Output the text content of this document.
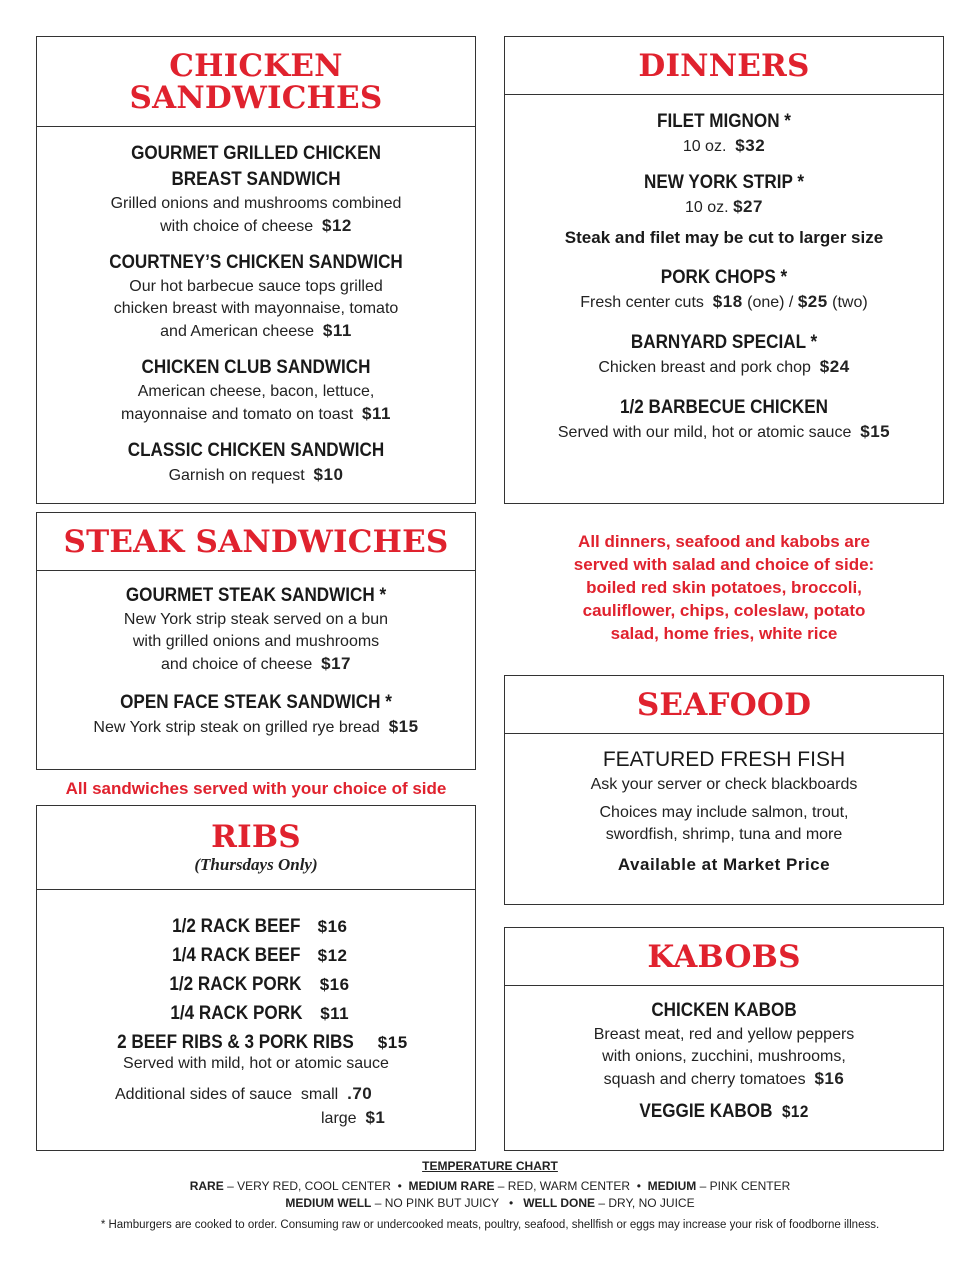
CHICKEN
SANDWICHES
GOURMET GRILLED CHICKEN
BREAST SANDWICH
Grilled onions and mushrooms combined
with choice of cheese $12
COURTNEY’S CHICKEN SANDWICH
Our hot barbecue sauce tops grilled
chicken breast with mayonnaise, tomato
and American cheese $11
CHICKEN CLUB SANDWICH
American cheese, bacon, lettuce,
mayonnaise and tomato on toast $11
CLASSIC CHICKEN SANDWICH
Garnish on request $10
STEAK SANDWICHES
GOURMET STEAK SANDWICH *
New York strip steak served on a bun
with grilled onions and mushrooms
and choice of cheese $17
OPEN FACE STEAK SANDWICH *
New York strip steak on grilled rye bread $15
All sandwiches served with your choice of side
RIBS
(Thursdays Only)
1/2 RACK BEEF $16
1/4 RACK BEEF $12
1/2 RACK PORK $16
1/4 RACK PORK $11
2 BEEF RIBS & 3 PORK RIBS $15
Served with mild, hot or atomic sauce
Additional sides of sauce small .70
large $1
DINNERS
FILET MIGNON *
10 oz. $32
NEW YORK STRIP *
10 oz. $27
Steak and filet may be cut to larger size
PORK CHOPS *
Fresh center cuts $18 (one) / $25 (two)
BARNYARD SPECIAL *
Chicken breast and pork chop $24
1/2 BARBECUE CHICKEN
Served with our mild, hot or atomic sauce $15
All dinners, seafood and kabobs are
served with salad and choice of side:
boiled red skin potatoes, broccoli,
cauliflower, chips, coleslaw, potato
salad, home fries, white rice
SEAFOOD
FEATURED FRESH FISH
Ask your server or check blackboards
Choices may include salmon, trout,
swordfish, shrimp, tuna and more
Available at Market Price
KABOBS
CHICKEN KABOB
Breast meat, red and yellow peppers
with onions, zucchini, mushrooms,
squash and cherry tomatoes $16
VEGGIE KABOB $12
TEMPERATURE CHART
RARE – VERY RED, COOL CENTER • MEDIUM RARE – RED, WARM CENTER • MEDIUM – PINK CENTER
MEDIUM WELL – NO PINK BUT JUICY • WELL DONE – DRY, NO JUICE
* Hamburgers are cooked to order. Consuming raw or undercooked meats, poultry, seafood, shellfish or eggs may increase your risk of foodborne illness.
